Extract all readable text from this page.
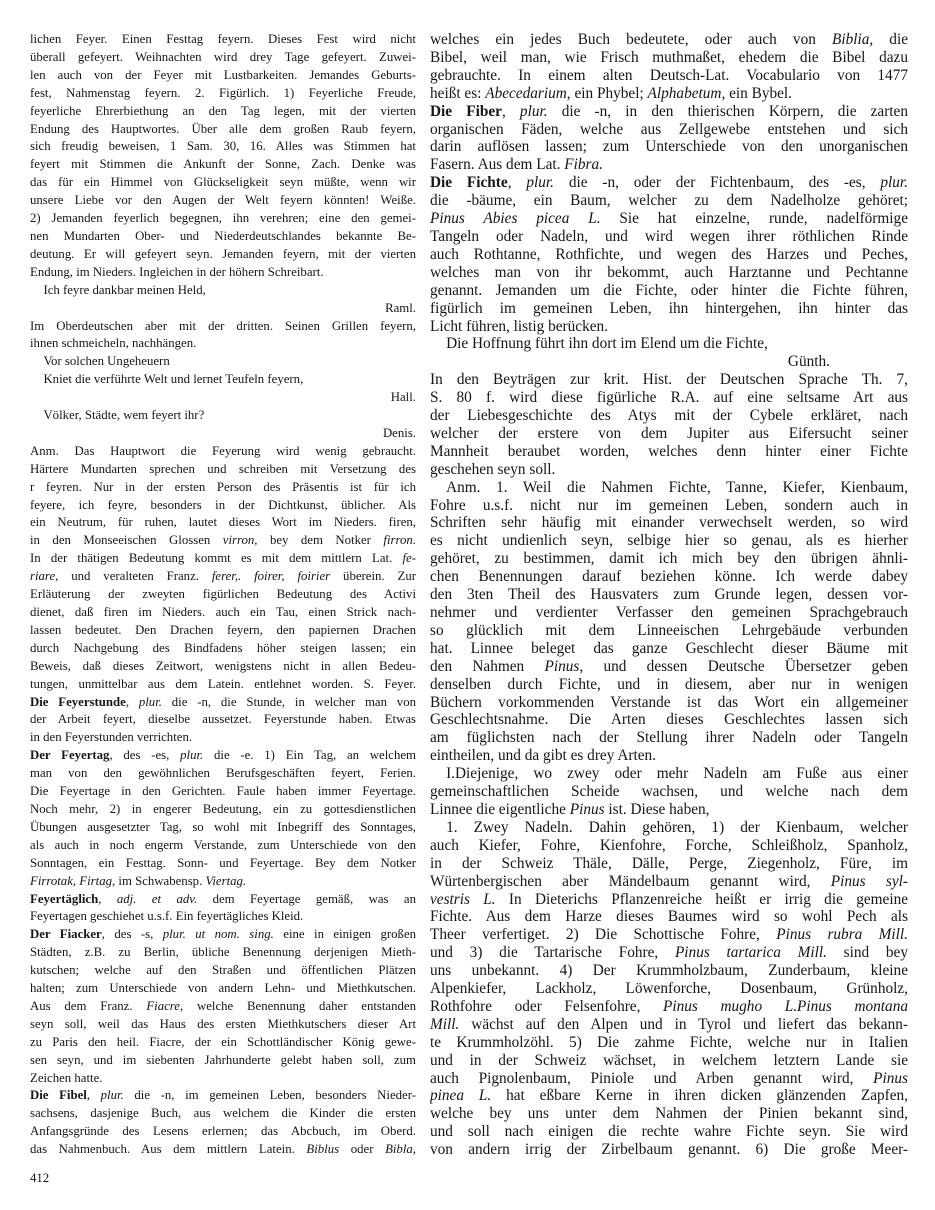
lichen Feyer. Einen Festtag feyern. Dieses Fest wird nicht
überall gefeyert. Weihnachten wird drey Tage gefeyert. Zuwei-
len auch von der Feyer mit Lustbarkeiten. Jemandes Geburts-
fest, Nahmenstag feyern. 2. Figürlich. 1) Feyerliche Freude,
feyerliche Ehrerbiethung an den Tag legen, mit der vierten
Endung des Hauptwortes. Über alle dem großen Raub feyern,
sich freudig beweisen, 1 Sam. 30, 16. Alles was Stimmen hat
feyert mit Stimmen die Ankunft der Sonne, Zach. Denke was
das für ein Himmel von Glückseligkeit seyn müßte, wenn wir
unsere Liebe vor den Augen der Welt feyern könnten! Weiße.
2) Jemanden feyerlich begegnen, ihn verehren; eine den gemei-
nen Mundarten Ober- und Niederdeutschlandes bekannte Be-
deutung. Er will gefeyert seyn. Jemanden feyern, mit der vierten
Endung, im Nieders. Ingleichen in der höhern Schreibart.
Ich feyre dankbar meinen Held,
Raml.
Im Oberdeutschen aber mit der dritten. Seinen Grillen feyern,
ihnen schmeicheln, nachhängen.
Vor solchen Ungeheuern
Kniet die verführte Welt und lernet Teufeln feyern,
Hall.
Völker, Städte, wem feyert ihr?
Denis.
Anm. Das Hauptwort die Feyerung wird wenig gebraucht.
Härtere Mundarten sprechen und schreiben mit Versetzung des
r feyren. Nur in der ersten Person des Präsentis ist für ich
feyere, ich feyre, besonders in der Dichtkunst, üblicher. Als
ein Neutrum, für ruhen, lautet dieses Wort im Nieders. firen,
in den Monseeischen Glossen virron, bey dem Notker firron.
In der thätigen Bedeutung kommt es mit dem mittlern Lat. fe-
riare, und veralteten Franz. ferer,. foirer, foirier überein. Zur
Erläuterung der zweyten figürlichen Bedeutung des Activi
dienet, daß firen im Nieders. auch ein Tau, einen Strick nach-
lassen bedeutet. Den Drachen feyern, den papiernen Drachen
durch Nachgebung des Bindfadens höher steigen lassen; ein
Beweis, daß dieses Zeitwort, wenigstens nicht in allen Bedeu-
tungen, unmittelbar aus dem Latein. entlehnet worden. S. Feyer.
Die Feyerstunde, plur. die -n, die Stunde, in welcher man von
der Arbeit feyert, dieselbe aussetzet. Feyerstunde haben. Etwas
in den Feyerstunden verrichten.
Der Feyertag, des -es, plur. die -e. 1) Ein Tag, an welchem
man von den gewöhnlichen Berufsgeschäften feyert, Ferien.
Die Feyertage in den Gerichten. Faule haben immer Feyertage.
Noch mehr, 2) in engerer Bedeutung, ein zu gottesdienstlichen
Übungen ausgesetzter Tag, so wohl mit Inbegriff des Sonntages,
als auch in noch engerm Verstande, zum Unterschiede von den
Sonntagen, ein Festtag. Sonn- und Feyertage. Bey dem Notker
Firrotak, Firtag, im Schwabensp. Viertag.
Feyertäglich, adj. et adv. dem Feyertage gemäß, was an
Feyertagen geschiehet u.s.f. Ein feyertägliches Kleid.
Der Fiacker, des -s, plur. ut nom. sing. eine in einigen großen
Städten, z.B. zu Berlin, übliche Benennung derjenigen Mieth-
kutschen; welche auf den Straßen und öffentlichen Plätzen
halten; zum Unterschiede von andern Lehn- und Miethkutschen.
Aus dem Franz. Fiacre, welche Benennung daher entstanden
seyn soll, weil das Haus des ersten Miethkutschers dieser Art
zu Paris den heil. Fiacre, der ein Schottländischer König gewe-
sen seyn, und im siebenten Jahrhunderte gelebt haben soll, zum
Zeichen hatte.
Die Fibel, plur. die -n, im gemeinen Leben, besonders Nieder-
sachsens, dasjenige Buch, aus welchem die Kinder die ersten
Anfangsgründe des Lesens erlernen; das Abcbuch, im Oberd.
das Nahmenbuch. Aus dem mittlern Latein. Biblus oder Bibla,
welches ein jedes Buch bedeutete, oder auch von Biblia, die
Bibel, weil man, wie Frisch muthmaßet, ehedem die Bibel dazu
gebrauchte. In einem alten Deutsch-Lat. Vocabulario von 1477
heißt es: Abecedarium, ein Phybel; Alphabetum, ein Bybel.
Die Fiber, plur. die -n, in den thierischen Körpern, die zarten
organischen Fäden, welche aus Zellgewebe entstehen und sich
darin auflösen lassen; zum Unterschiede von den unorganischen
Fasern. Aus dem Lat. Fibra.
Die Fichte, plur. die -n, oder der Fichtenbaum, des -es, plur.
die -bäume, ein Baum, welcher zu dem Nadelholze gehöret;
Pinus Abies picea L. Sie hat einzelne, runde, nadelförmige
Tangeln oder Nadeln, und wird wegen ihrer röthlichen Rinde
auch Rothtanne, Rothfichte, und wegen des Harzes und Peches,
welches man von ihr bekommt, auch Harztanne und Pechtanne
genannt. Jemanden um die Fichte, oder hinter die Fichte führen,
figürlich im gemeinen Leben, ihn hintergehen, ihn hinter das
Licht führen, listig berücken.
Die Hoffnung führt ihn dort im Elend um die Fichte,
Günth.
In den Beyträgen zur krit. Hist. der Deutschen Sprache Th. 7,
S. 80 f. wird diese figürliche R.A. auf eine seltsame Art aus
der Liebesgeschichte des Atys mit der Cybele erkläret, nach
welcher der erstere von dem Jupiter aus Eifersucht seiner
Mannheit beraubet worden, welches denn hinter einer Fichte
geschehen seyn soll.
Anm. 1. Weil die Nahmen Fichte, Tanne, Kiefer, Kienbaum,
Fohre u.s.f. nicht nur im gemeinen Leben, sondern auch in
Schriften sehr häufig mit einander verwechselt werden, so wird
es nicht undienlich seyn, selbige hier so genau, als es hierher
gehöret, zu bestimmen, damit ich mich bey den übrigen ähnli-
chen Benennungen darauf beziehen könne. Ich werde dabey
den 3ten Theil des Hausvaters zum Grunde legen, dessen vor-
nehmer und verdienter Verfasser den gemeinen Sprachgebrauch
so glücklich mit dem Linneeischen Lehrgebäude verbunden
hat. Linnee beleget das ganze Geschlecht dieser Bäume mit
den Nahmen Pinus, und dessen Deutsche Übersetzer geben
denselben durch Fichte, und in diesem, aber nur in wenigen
Büchern vorkommenden Verstande ist das Wort ein allgemeiner
Geschlechtsnahme. Die Arten dieses Geschlechtes lassen sich
am füglichsten nach der Stellung ihrer Nadeln oder Tangeln
eintheilen, und da gibt es drey Arten.
I.Diejenige, wo zwey oder mehr Nadeln am Fuße aus einer
gemeinschaftlichen Scheide wachsen, und welche nach dem
Linnee die eigentliche Pinus ist. Diese haben,
1. Zwey Nadeln. Dahin gehören, 1) der Kienbaum, welcher
auch Kiefer, Fohre, Kienfohre, Forche, Schleißholz, Spanholz,
in der Schweiz Thäle, Dälle, Perge, Ziegenholz, Füre, im
Würtenbergischen aber Mändelbaum genannt wird, Pinus syl-
vestris L. In Dieterichs Pflanzenreiche heißt er irrig die gemeine
Fichte. Aus dem Harze dieses Baumes wird so wohl Pech als
Theer verfertiget. 2) Die Schottische Fohre, Pinus rubra Mill.
und 3) die Tartarische Fohre, Pinus tartarica Mill. sind bey
uns unbekannt. 4) Der Krummholzbaum, Zunderbaum, kleine
Alpenkiefer, Lackholz, Löwenforche, Dosenbaum, Grünholz,
Rothfohre oder Felsenfohre, Pinus mugho L.Pinus montana
Mill. wächst auf den Alpen und in Tyrol und liefert das bekann-
te Krummholzöhl. 5) Die zahme Fichte, welche nur in Italien
und in der Schweiz wächset, in welchem letztern Lande sie
auch Pignolenbaum, Piniole und Arben genannt wird, Pinus
pinea L. hat eßbare Kerne in ihren dicken glänzenden Zapfen,
welche bey uns unter dem Nahmen der Pinien bekannt sind,
und soll nach einigen die rechte wahre Fichte seyn. Sie wird
von andern irrig der Zirbelbaum genannt. 6) Die große Meer-
412
